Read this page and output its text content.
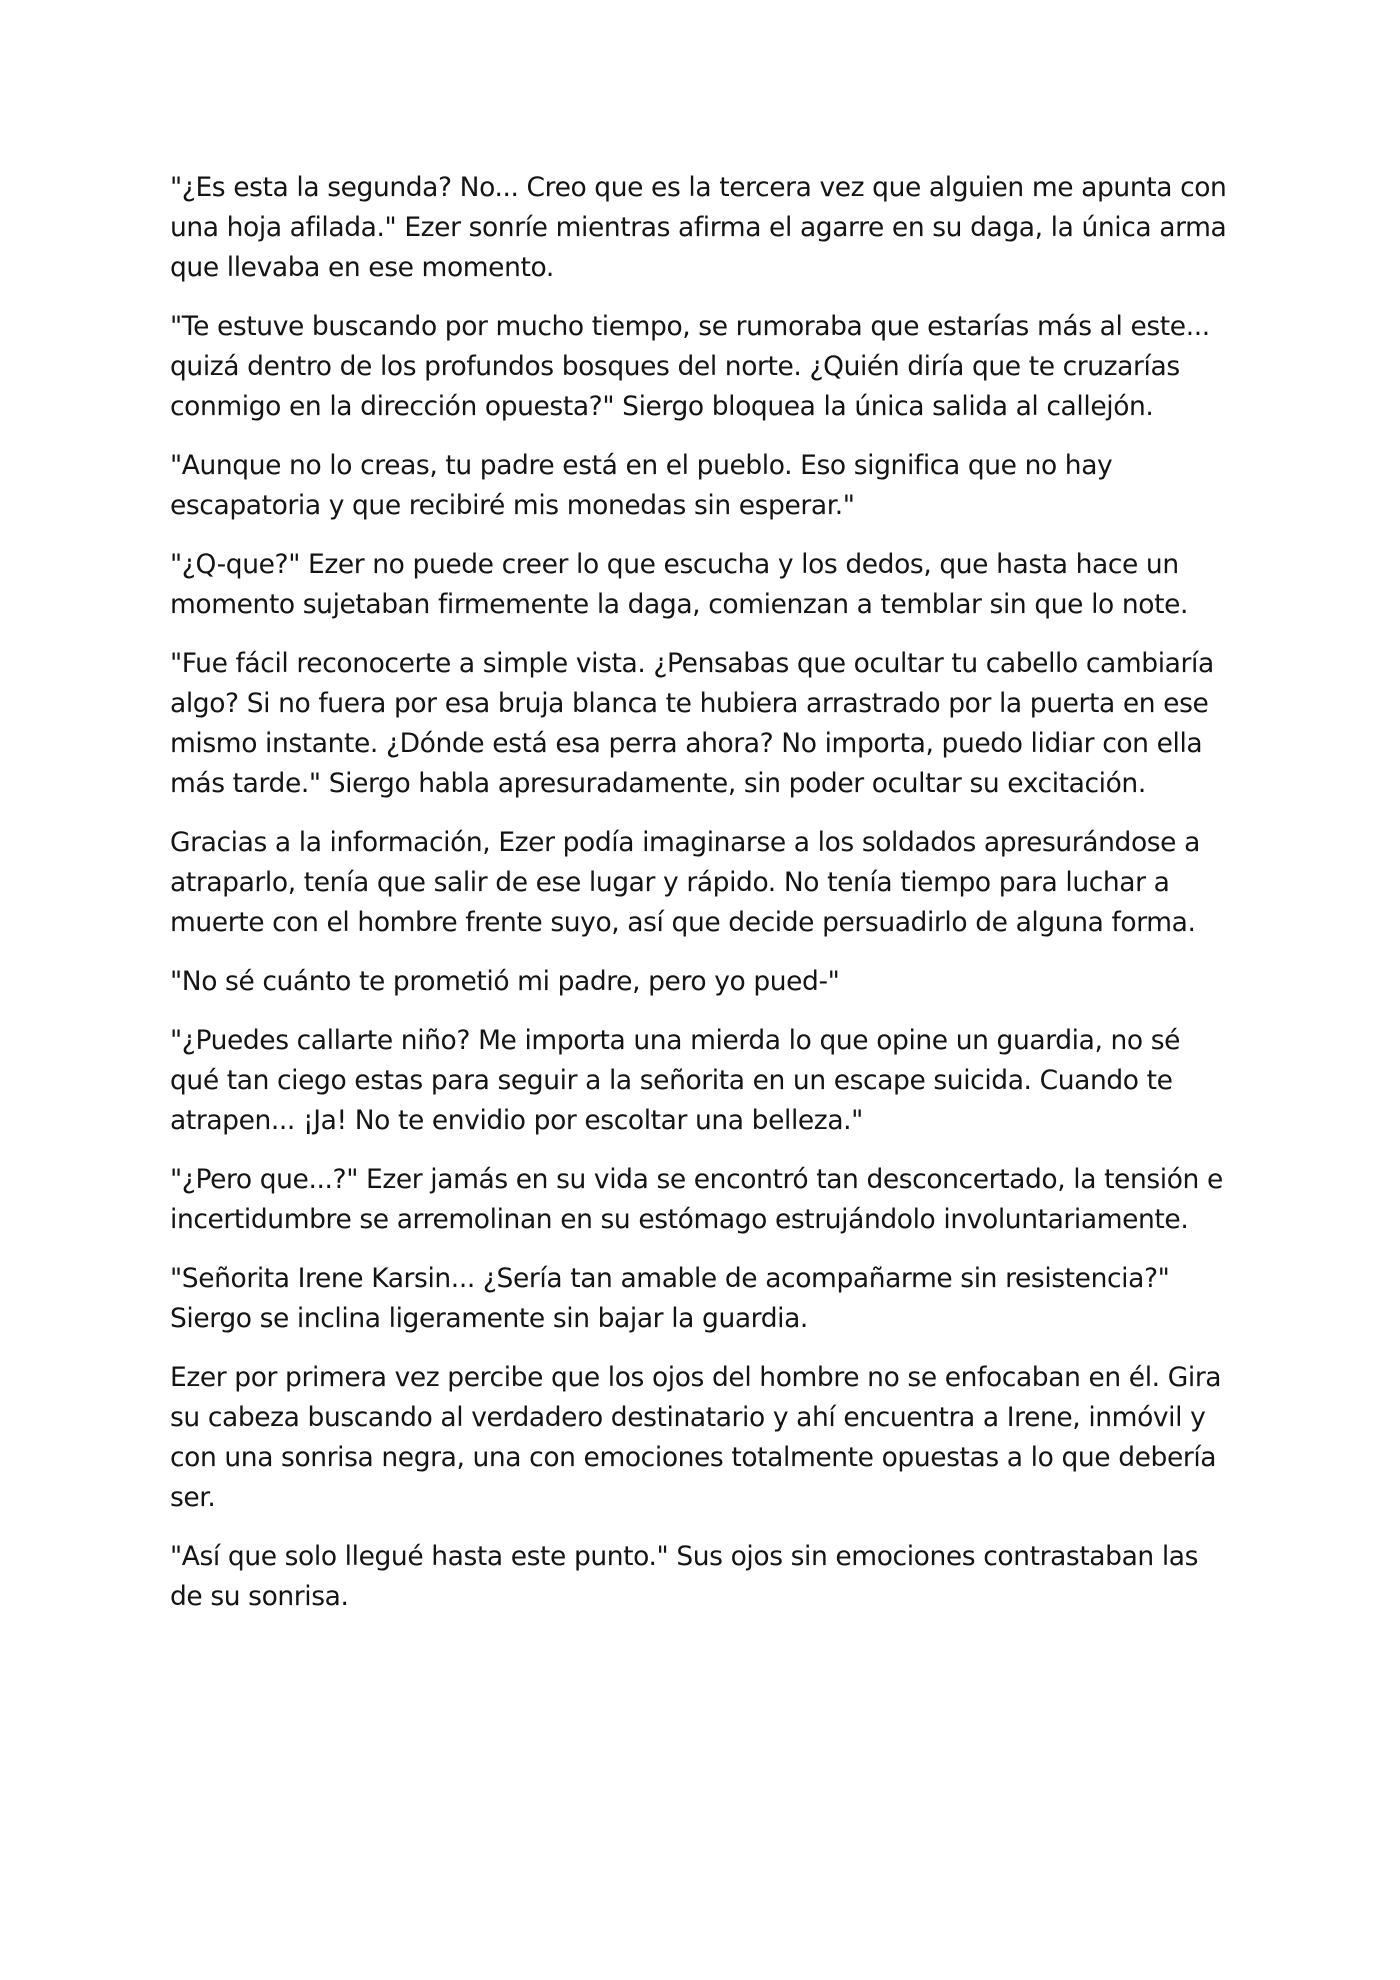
"¿Es esta la segunda? No... Creo que es la tercera vez que alguien me apunta con una hoja afilada." Ezer sonríe mientras afirma el agarre en su daga, la única arma que llevaba en ese momento.

"Te estuve buscando por mucho tiempo, se rumoraba que estarías más al este... quizá dentro de los profundos bosques del norte. ¿Quién diría que te cruzarías conmigo en la dirección opuesta?" Siergo bloquea la única salida al callejón.

"Aunque no lo creas, tu padre está en el pueblo. Eso significa que no hay escapatoria y que recibiré mis monedas sin esperar."

"¿Q-que?" Ezer no puede creer lo que escucha y los dedos, que hasta hace un momento sujetaban firmemente la daga, comienzan a temblar sin que lo note.

"Fue fácil reconocerte a simple vista. ¿Pensabas que ocultar tu cabello cambiaría algo? Si no fuera por esa bruja blanca te hubiera arrastrado por la puerta en ese mismo instante. ¿Dónde está esa perra ahora? No importa, puedo lidiar con ella más tarde." Siergo habla apresuradamente, sin poder ocultar su excitación.

Gracias a la información, Ezer podía imaginarse a los soldados apresurándose a atraparlo, tenía que salir de ese lugar y rápido. No tenía tiempo para luchar a muerte con el hombre frente suyo, así que decide persuadirlo de alguna forma.

"No sé cuánto te prometió mi padre, pero yo pued-"

"¿Puedes callarte niño? Me importa una mierda lo que opine un guardia, no sé qué tan ciego estas para seguir a la señorita en un escape suicida. Cuando te atrapen... ¡Ja! No te envidio por escoltar una belleza."

"¿Pero que...?" Ezer jamás en su vida se encontró tan desconcertado, la tensión e incertidumbre se arremolinan en su estómago estrujándolo involuntariamente.

"Señorita Irene Karsin... ¿Sería tan amable de acompañarme sin resistencia?" Siergo se inclina ligeramente sin bajar la guardia.

Ezer por primera vez percibe que los ojos del hombre no se enfocaban en él. Gira su cabeza buscando al verdadero destinatario y ahí encuentra a Irene, inmóvil y con una sonrisa negra, una con emociones totalmente opuestas a lo que debería ser.

"Así que solo llegué hasta este punto." Sus ojos sin emociones contrastaban las de su sonrisa.
